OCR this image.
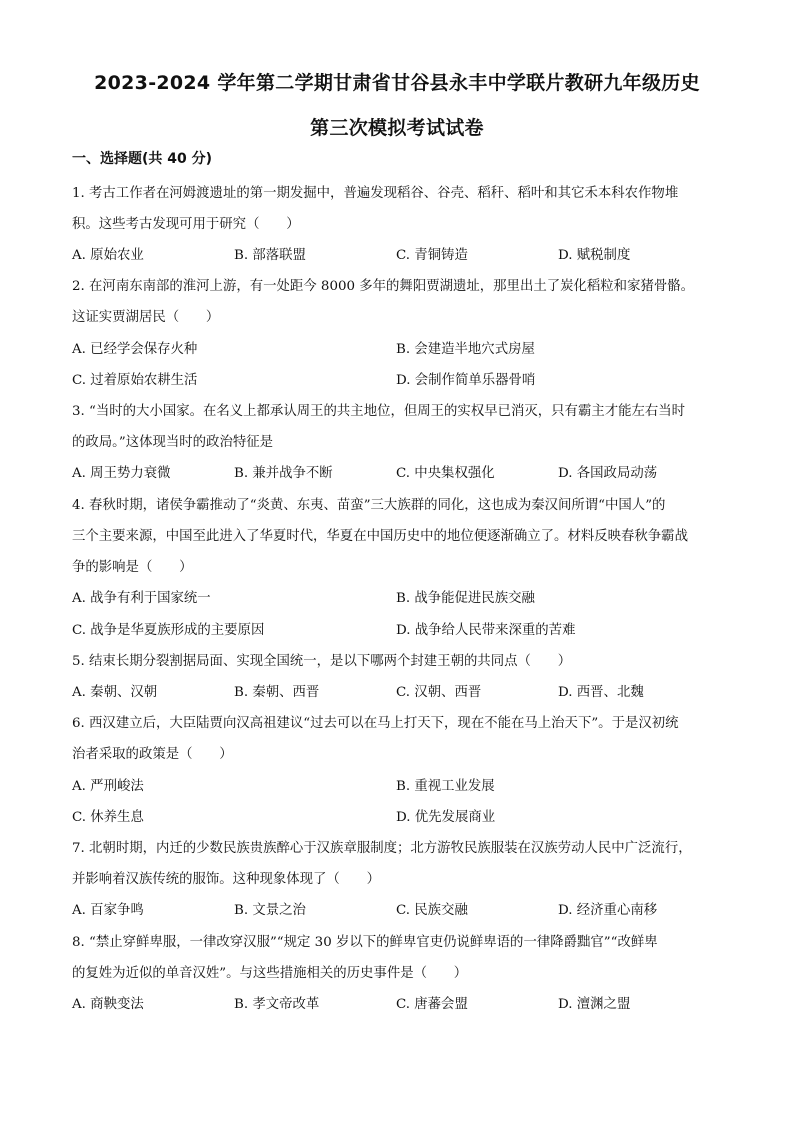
2023-2024 学年第二学期甘肃省甘谷县永丰中学联片教研九年级历史
第三次模拟考试试卷
一、选择题(共 40 分)
1. 考古工作者在河姆渡遗址的第一期发掘中，普遍发现稻谷、谷壳、稻秆、稻叶和其它禾本科农作物堆
积。这些考古发现可用于研究（　　）
A. 原始农业	B. 部落联盟	C. 青铜铸造	D. 赋税制度
2. 在河南东南部的淮河上游，有一处距今 8000 多年的舞阳贾湖遗址，那里出土了炭化稻粒和家猪骨骼。
这证实贾湖居民（　　）
A. 已经学会保存火种	B. 会建造半地穴式房屋
C. 过着原始农耕生活	D. 会制作简单乐器骨哨
3. “当时的大小国家。在名义上都承认周王的共主地位，但周王的实权早已消灭，只有霸主才能左右当时
的政局。”这体现当时的政治特征是
A. 周王势力衰微	B. 兼并战争不断	C. 中央集权强化	D. 各国政局动荡
4. 春秋时期，诸侯争霸推动了“炎黄、东夷、苗蛮”三大族群的同化，这也成为秦汉间所谓“中国人”的
三个主要来源，中国至此进入了华夏时代，华夏在中国历史中的地位便逐渐确立了。材料反映春秋争霸战
争的影响是（　　）
A. 战争有利于国家统一	B. 战争能促进民族交融
C. 战争是华夏族形成的主要原因	D. 战争给人民带来深重的苦难
5. 结束长期分裂割据局面、实现全国统一，是以下哪两个封建王朝的共同点（　　）
A. 秦朝、汉朝	B. 秦朝、西晋	C. 汉朝、西晋	D. 西晋、北魏
6. 西汉建立后，大臣陆贾向汉高祖建议“过去可以在马上打天下，现在不能在马上治天下”。于是汉初统
治者采取的政策是（　　）
A. 严刑峻法	B. 重视工业发展
C. 休养生息	D. 优先发展商业
7. 北朝时期，内迁的少数民族贵族醉心于汉族章服制度；北方游牧民族服装在汉族劳动人民中广泛流行，
并影响着汉族传统的服饰。这种现象体现了（　　）
A. 百家争鸣	B. 文景之治	C. 民族交融	D. 经济重心南移
8. “禁止穿鲜卑服，一律改穿汉服”“规定 30 岁以下的鲜卑官吏仍说鲜卑语的一律降爵黜官”“改鲜卑
的复姓为近似的单音汉姓”。与这些措施相关的历史事件是（　　）
A. 商鞅变法	B. 孝文帝改革	C. 唐蕃会盟	D. 澶渊之盟
